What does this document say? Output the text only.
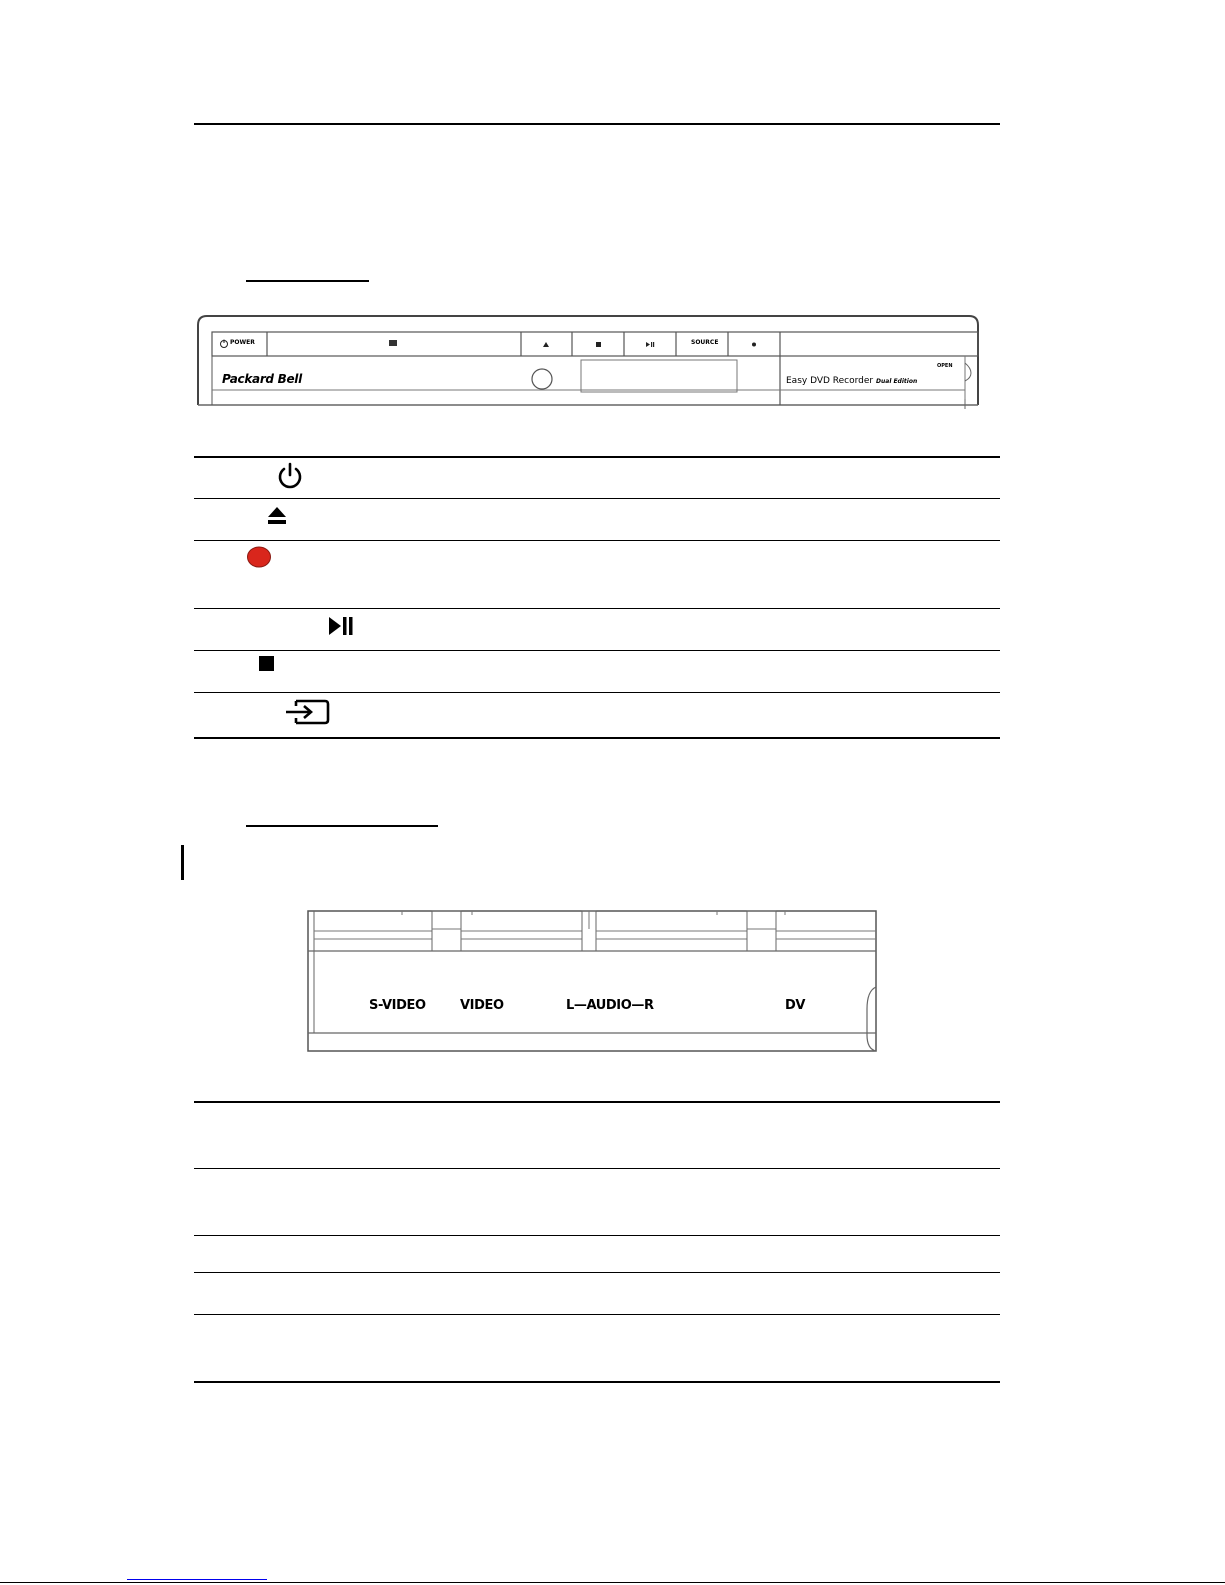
POWER	SOURCE
Packard Bell	Easy DVD Recorder Dual Edition
OPEN
S-VIDEO	VIDEO	L—AUDIO—R	DV
